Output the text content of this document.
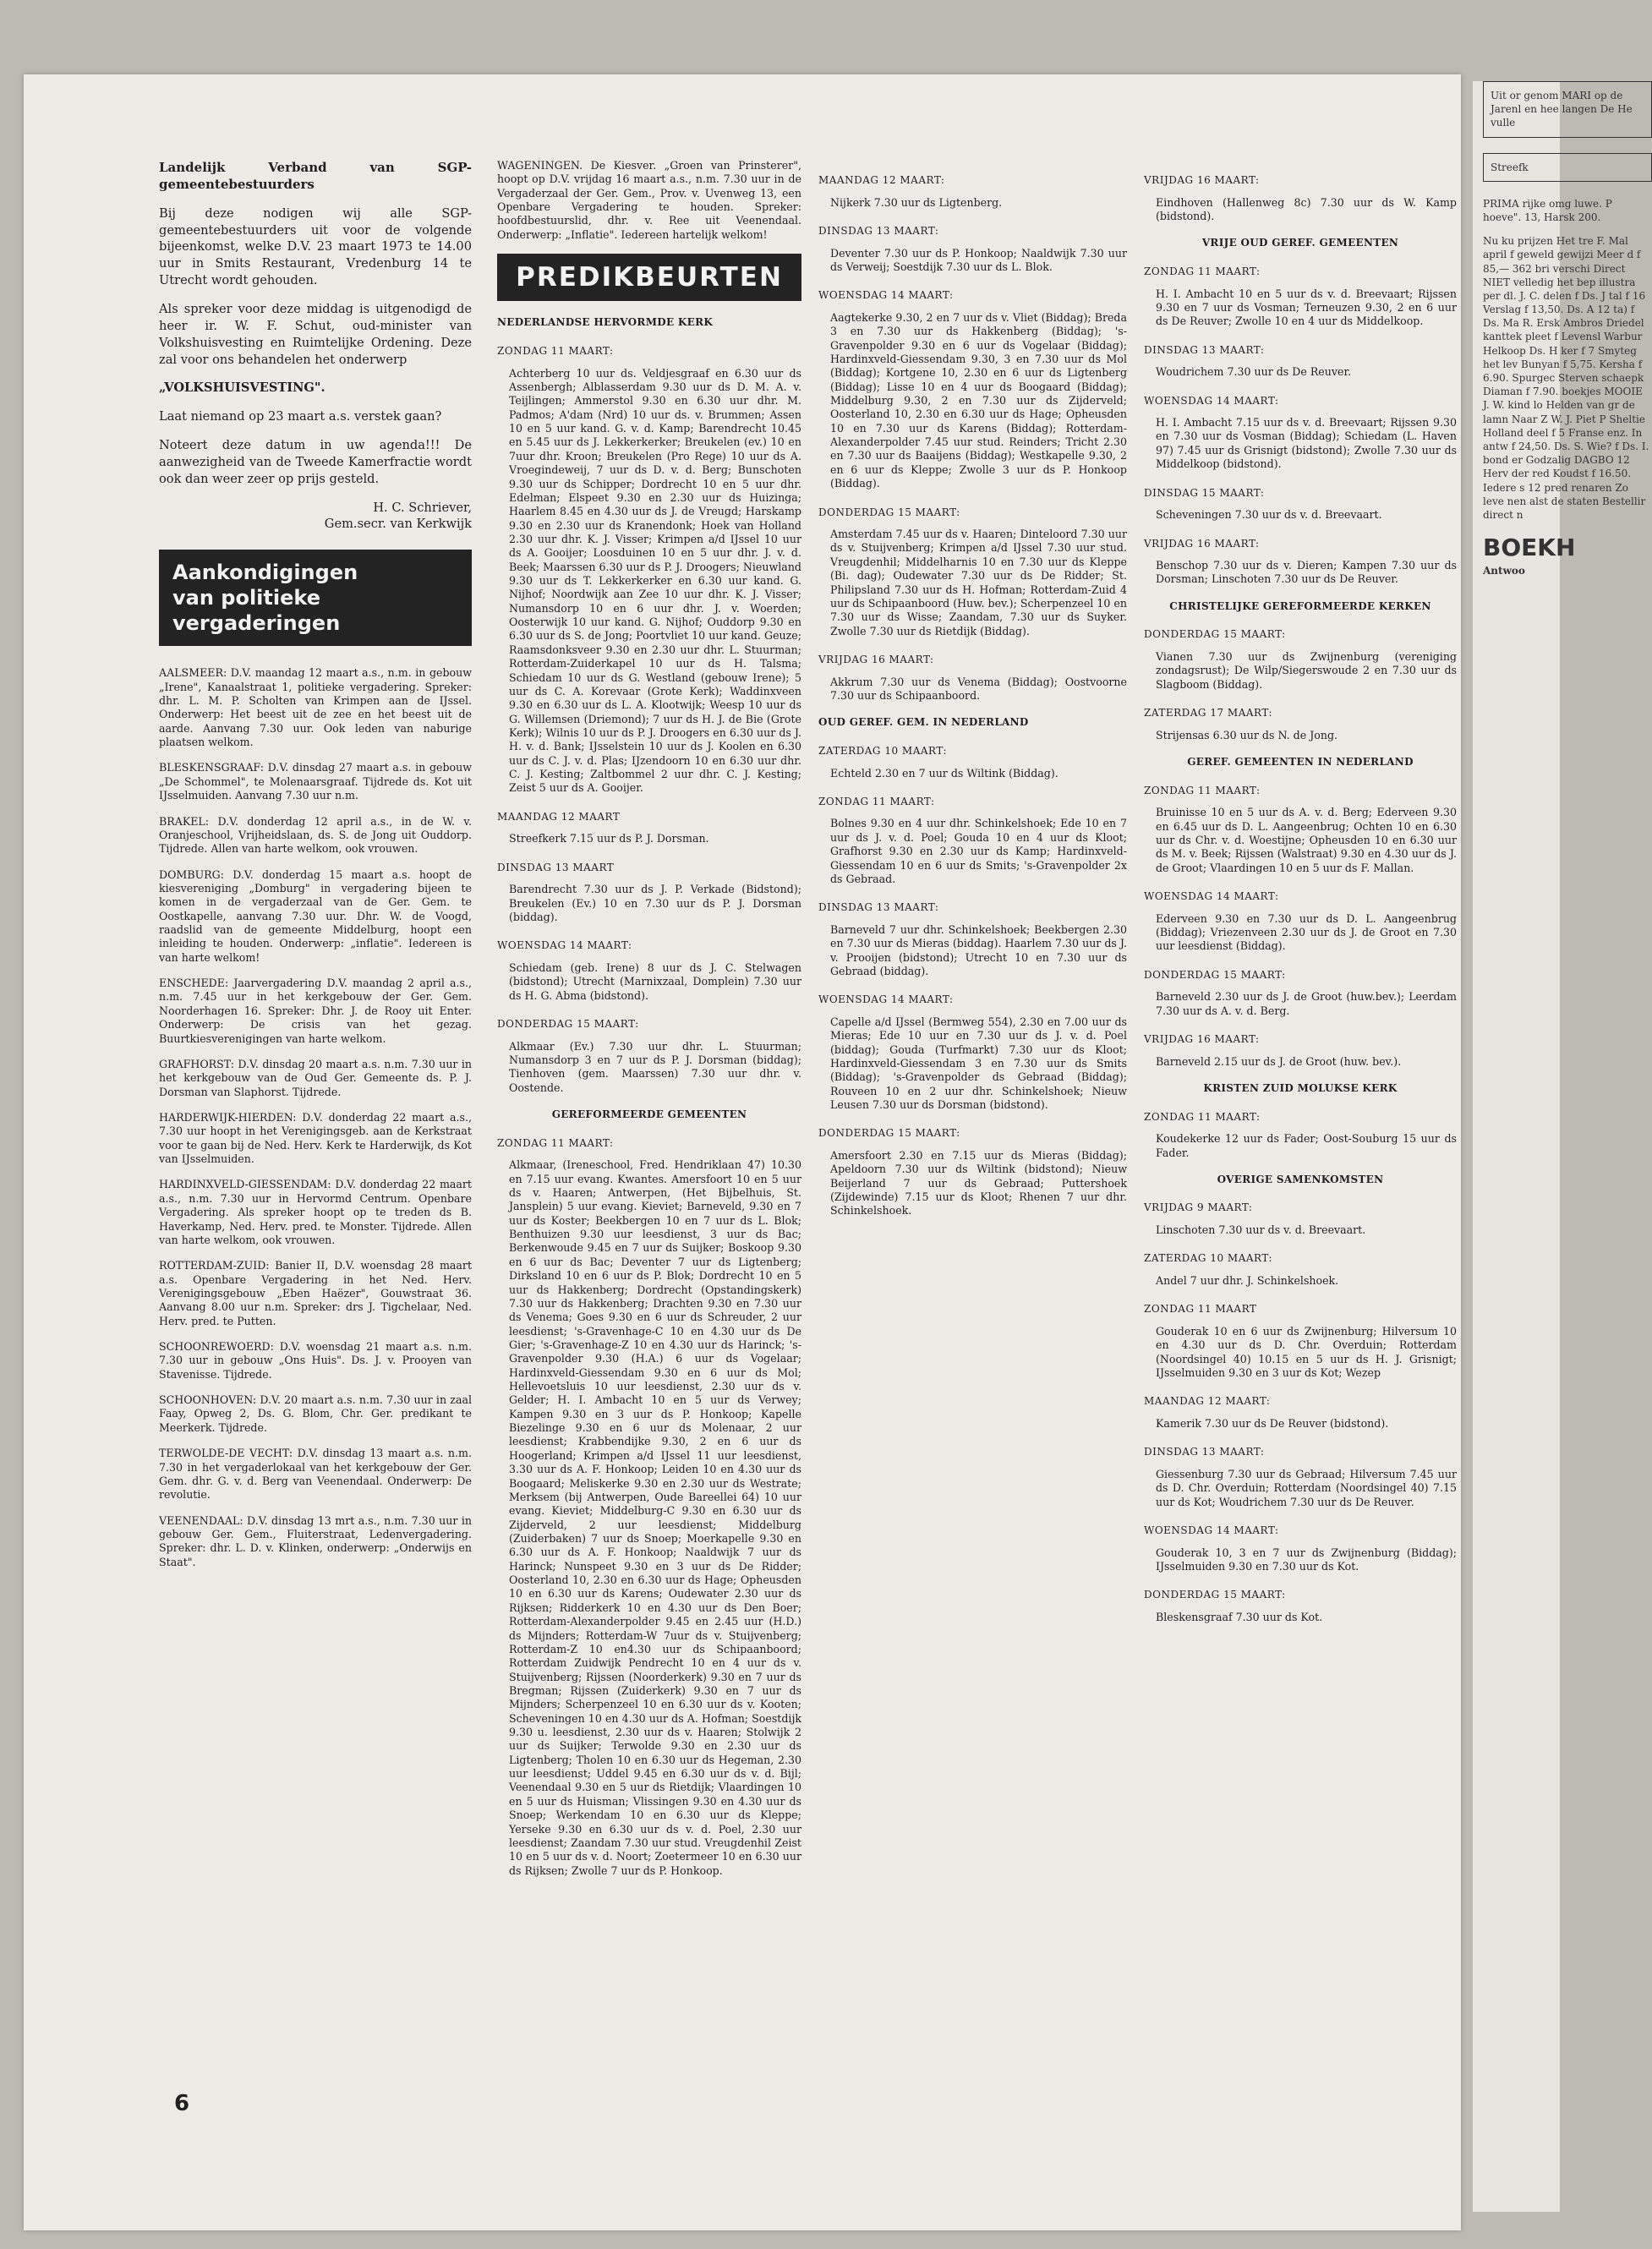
Landelijk Verband van SGP-gemeentebestuurders

Bij deze nodigen wij alle SGP-gemeentebestuurders uit voor de volgende bijeenkomst, welke D.V. 23 maart 1973 te 14.00 uur in Smits Restaurant, Vredenburg 14 te Utrecht wordt gehouden.

Als spreker voor deze middag is uitgenodigd de heer ir. W. F. Schut, oud-minister van Volkshuisvesting en Ruimtelijke Ordening. Deze zal voor ons behandelen het onderwerp

„VOLKSHUISVESTING".

Laat niemand op 23 maart a.s. verstek gaan?

Noteert deze datum in uw agenda!!! De aanwezigheid van de Tweede Kamerfractie wordt ook dan weer zeer op prijs gesteld.

H. C. Schriever,
Gem.secr. van Kerkwijk
Aankondigingen
van politieke vergaderingen

AALSMEER: D.V. maandag 12 maart a.s., n.m. in gebouw „Irene", Kanaalstraat 1, politieke vergadering. Spreker: dhr. L. M. P. Scholten van Krimpen aan de IJssel. Onderwerp: Het beest uit de zee en het beest uit de aarde. Aanvang 7.30 uur. Ook leden van naburige plaatsen welkom.

BLESKENSGRAAF: D.V. dinsdag 27 maart a.s. in gebouw „De Schommel", te Molenaarsgraaf. Tijdrede ds. Kot uit IJsselmuiden. Aanvang 7.30 uur n.m.

BRAKEL: D.V. donderdag 12 april a.s., in de W. v. Oranjeschool, Vrijheidslaan, ds. S. de Jong uit Ouddorp. Tijdrede. Allen van harte welkom, ook vrouwen.

DOMBURG: D.V. donderdag 15 maart a.s. hoopt de kiesvereniging „Domburg" in vergadering bijeen te komen in de vergaderzaal van de Ger. Gem. te Oostkapelle, aanvang 7.30 uur. Dhr. W. de Voogd, raadslid van de gemeente Middelburg, hoopt een inleiding te houden. Onderwerp: „inflatie". Iedereen is van harte welkom!

ENSCHEDE: Jaarvergadering D.V. maandag 2 april a.s., n.m. 7.45 uur in het kerkgebouw der Ger. Gem. Noorderhagen 16. Spreker: Dhr. J. de Rooy uit Enter. Onderwerp: De crisis van het gezag. Buurtkiesverenigingen van harte welkom.

GRAFHORST: D.V. dinsdag 20 maart a.s. n.m. 7.30 uur in het kerkgebouw van de Oud Ger. Gemeente ds. P. J. Dorsman van Slaphorst. Tijdrede.

HARDERWIJK-HIERDEN: D.V. donderdag 22 maart a.s., 7.30 uur hoopt in het Verenigingsgeb. aan de Kerkstraat voor te gaan bij de Ned. Herv. Kerk te Harderwijk, ds Kot van IJsselmuiden.

HARDINXVELD-GIESSENDAM: D.V. donderdag 22 maart a.s., n.m. 7.30 uur in Hervormd Centrum. Openbare Vergadering. Als spreker hoopt op te treden ds B. Haverkamp, Ned. Herv. pred. te Monster. Tijdrede. Allen van harte welkom, ook vrouwen.

ROTTERDAM-ZUID: Banier II, D.V. woensdag 28 maart a.s. Openbare Vergadering in het Ned. Herv. Verenigingsgebouw „Eben Haëzer", Gouwstraat 36. Aanvang 8.00 uur n.m. Spreker: drs J. Tigchelaar, Ned. Herv. pred. te Putten.

SCHOONREWOERD: D.V. woensdag 21 maart a.s. n.m. 7.30 uur in gebouw „Ons Huis". Ds. J. v. Prooyen van Stavenisse. Tijdrede.

SCHOONHOVEN: D.V. 20 maart a.s. n.m. 7.30 uur in zaal Faay, Opweg 2, Ds. G. Blom, Chr. Ger. predikant te Meerkerk. Tijdrede.

TERWOLDE-DE VECHT: D.V. dinsdag 13 maart a.s. n.m. 7.30 in het vergaderlokaal van het kerkgebouw der Ger. Gem. dhr. G. v. d. Berg van Veenendaal. Onderwerp: De revolutie.

VEENENDAAL: D.V. dinsdag 13 mrt a.s., n.m. 7.30 uur in gebouw Ger. Gem., Fluiterstraat, Ledenvergadering. Spreker: dhr. L. D. v. Klinken, onderwerp: „Onderwijs en Staat".

WAGENINGEN. De Kiesver. „Groen van Prinsterer", hoopt op D.V. vrijdag 16 maart a.s., n.m. 7.30 uur in de Vergaderzaal der Ger. Gem., Prov. v. Uvenweg 13, een Openbare Vergadering te houden. Spreker: hoofdbestuurslid, dhr. v. Ree uit Veenendaal. Onderwerp: „Inflatie". Iedereen hartelijk welkom!

PREDIKBEURTEN
NEDERLANDSE HERVORMDE KERK
ZONDAG 11 MAART:

Achterberg 10 uur ds. Veldjesgraaf en 6.30 uur ds Assenbergh; Alblasserdam 9.30 uur ds D. M. A. v. Teijlingen; Ammerstol 9.30 en 6.30 uur dhr. M. Padmos; A'dam (Nrd) 10 uur ds. v. Brummen; Assen 10 en 5 uur kand. G. v. d. Kamp; Barendrecht 10.45 en 5.45 uur ds J. Lekkerkerker; Breukelen (ev.) 10 en 7uur dhr. Kroon; Breukelen (Pro Rege) 10 uur ds A. Vroegindeweij, 7 uur ds D. v. d. Berg; Bunschoten 9.30 uur ds Schipper; Dordrecht 10 en 5 uur dhr. Edelman; Elspeet 9.30 en 2.30 uur ds Huizinga; Haarlem 8.45 en 4.30 uur ds J. de Vreugd; Harskamp 9.30 en 2.30 uur ds Kranendonk; Hoek van Holland 2.30 uur dhr. K. J. Visser; Krimpen a/d IJssel 10 uur ds A. Gooijer; Loosduinen 10 en 5 uur dhr. J. v. d. Beek; Maarssen 6.30 uur ds P. J. Droogers; Nieuwland 9.30 uur ds T. Lekkerkerker en 6.30 uur kand. G. Nijhof; Noordwijk aan Zee 10 uur dhr. K. J. Visser; Numansdorp 10 en 6 uur dhr. J. v. Woerden; Oosterwijk 10 uur kand. G. Nijhof; Ouddorp 9.30 en 6.30 uur ds S. de Jong; Poortvliet 10 uur kand. Geuze; Raamsdonksveer 9.30 en 2.30 uur dhr. L. Stuurman; Rotterdam-Zuiderkapel 10 uur ds H. Talsma; Schiedam 10 uur ds G. Westland (gebouw Irene); 5 uur ds C. A. Korevaar (Grote Kerk); Waddinxveen 9.30 en 6.30 uur ds L. A. Klootwijk; Weesp 10 uur ds G. Willemsen (Driemond); 7 uur ds H. J. de Bie (Grote Kerk); Wilnis 10 uur ds P. J. Droogers en 6.30 uur ds J. H. v. d. Bank; IJsselstein 10 uur ds J. Koolen en 6.30 uur ds C. J. v. d. Plas; IJzendoorn 10 en 6.30 uur dhr. C. J. Kesting; Zaltbommel 2 uur dhr. C. J. Kesting; Zeist 5 uur ds A. Gooijer.

MAANDAG 12 MAART

Streefkerk 7.15 uur ds P. J. Dorsman.

DINSDAG 13 MAART

Barendrecht 7.30 uur ds J. P. Verkade (Bidstond); Breukelen (Ev.) 10 en 7.30 uur ds P. J. Dorsman (biddag).

WOENSDAG 14 MAART:

Schiedam (geb. Irene) 8 uur ds J. C. Stelwagen (bidstond); Utrecht (Marnixzaal, Domplein) 7.30 uur ds H. G. Abma (bidstond).

DONDERDAG 15 MAART:

Alkmaar (Ev.) 7.30 uur dhr. L. Stuurman; Numansdorp 3 en 7 uur ds P. J. Dorsman (biddag); Tienhoven (gem. Maarssen) 7.30 uur dhr. v. Oostende.

GEREFORMEERDE GEMEENTEN
ZONDAG 11 MAART:

Alkmaar, (Ireneschool, Fred. Hendriklaan 47) 10.30 en 7.15 uur evang. Kwantes. Amersfoort 10 en 5 uur ds v. Haaren; Antwerpen, (Het Bijbelhuis, St. Jansplein) 5 uur evang. Kieviet; Barneveld, 9.30 en 7 uur ds Koster; Beekbergen 10 en 7 uur ds L. Blok; Benthuizen 9.30 uur leesdienst, 3 uur ds Bac; Berkenwoude 9.45 en 7 uur ds Suijker; Boskoop 9.30 en 6 uur ds Bac; Deventer 7 uur ds Ligtenberg; Dirksland 10 en 6 uur ds P. Blok; Dordrecht 10 en 5 uur ds Hakkenberg; Dordrecht (Opstandingskerk) 7.30 uur ds Hakkenberg; Drachten 9.30 en 7.30 uur ds Venema; Goes 9.30 en 6 uur ds Schreuder, 2 uur leesdienst; 's-Gravenhage-C 10 en 4.30 uur ds De Gier; 's-Gravenhage-Z 10 en 4.30 uur ds Harinck; 's-Gravenpolder 9.30 (H.A.) 6 uur ds Vogelaar; Hardinxveld-Giessendam 9.30 en 6 uur ds Mol; Hellevoetsluis 10 uur leesdienst, 2.30 uur ds v. Gelder; H. I. Ambacht 10 en 5 uur ds Verwey; Kampen 9.30 en 3 uur ds P. Honkoop; Kapelle Biezelinge 9.30 en 6 uur ds Molenaar, 2 uur leesdienst; Krabbendijke 9.30, 2 en 6 uur ds Hoogerland; Krimpen a/d IJssel 11 uur leesdienst, 3.30 uur ds A. F. Honkoop; Leiden 10 en 4.30 uur ds Boogaard; Meliskerke 9.30 en 2.30 uur ds Westrate; Merksem (bij Antwerpen, Oude Bareellei 64) 10 uur evang. Kieviet; Middelburg-C 9.30 en 6.30 uur ds Zijderveld, 2 uur leesdienst; Middelburg (Zuiderbaken) 7 uur ds Snoep; Moerkapelle 9.30 en 6.30 uur ds A. F. Honkoop; Naaldwijk 7 uur ds Harinck; Nunspeet 9.30 en 3 uur ds De Ridder; Oosterland 10, 2.30 en 6.30 uur ds Hage; Opheusden 10 en 6.30 uur ds Karens; Oudewater 2.30 uur ds Rijksen; Ridderkerk 10 en 4.30 uur ds Den Boer; Rotterdam-Alexanderpolder 9.45 en 2.45 uur (H.D.) ds Mijnders; Rotterdam-W 7uur ds v. Stuijvenberg; Rotterdam-Z 10 en4.30 uur ds Schipaanboord; Rotterdam Zuidwijk Pendrecht 10 en 4 uur ds v. Stuijvenberg; Rijssen (Noorderkerk) 9.30 en 7 uur ds Bregman; Rijssen (Zuiderkerk) 9.30 en 7 uur ds Mijnders; Scherpenzeel 10 en 6.30 uur ds v. Kooten; Scheveningen 10 en 4.30 uur ds A. Hofman; Soestdijk 9.30 u. leesdienst, 2.30 uur ds v. Haaren; Stolwijk 2 uur ds Suijker; Terwolde 9.30 en 2.30 uur ds Ligtenberg; Tholen 10 en 6.30 uur ds Hegeman, 2.30 uur leesdienst; Uddel 9.45 en 6.30 uur ds v. d. Bijl; Veenendaal 9.30 en 5 uur ds Rietdijk; Vlaardingen 10 en 5 uur ds Huisman; Vlissingen 9.30 en 4.30 uur ds Snoep; Werkendam 10 en 6.30 uur ds Kleppe; Yerseke 9.30 en 6.30 uur ds v. d. Poel, 2.30 uur leesdienst; Zaandam 7.30 uur stud. Vreugdenhil Zeist 10 en 5 uur ds v. d. Noort; Zoetermeer 10 en 6.30 uur ds Rijksen; Zwolle 7 uur ds P. Honkoop.

MAANDAG 12 MAART:

Nijkerk 7.30 uur ds Ligtenberg.

DINSDAG 13 MAART:

Deventer 7.30 uur ds P. Honkoop; Naaldwijk 7.30 uur ds Verweij; Soestdijk 7.30 uur ds L. Blok.

WOENSDAG 14 MAART:

Aagtekerke 9.30, 2 en 7 uur ds v. Vliet (Biddag); Breda 3 en 7.30 uur ds Hakkenberg (Biddag); 's-Gravenpolder 9.30 en 6 uur ds Vogelaar (Biddag); Hardinxveld-Giessendam 9.30, 3 en 7.30 uur ds Mol (Biddag); Kortgene 10, 2.30 en 6 uur ds Ligtenberg (Biddag); Lisse 10 en 4 uur ds Boogaard (Biddag); Middelburg 9.30, 2 en 7.30 uur ds Zijderveld; Oosterland 10, 2.30 en 6.30 uur ds Hage; Opheusden 10 en 7.30 uur ds Karens (Biddag); Rotterdam-Alexanderpolder 7.45 uur stud. Reinders; Tricht 2.30 en 7.30 uur ds Baaijens (Biddag); Westkapelle 9.30, 2 en 6 uur ds Kleppe; Zwolle 3 uur ds P. Honkoop (Biddag).

DONDERDAG 15 MAART:

Amsterdam 7.45 uur ds v. Haaren; Dinteloord 7.30 uur ds v. Stuijvenberg; Krimpen a/d IJssel 7.30 uur stud. Vreugdenhil; Middelharnis 10 en 7.30 uur ds Kleppe (Bi. dag); Oudewater 7.30 uur ds De Ridder; St. Philipsland 7.30 uur ds H. Hofman; Rotterdam-Zuid 4 uur ds Schipaanboord (Huw. bev.); Scherpenzeel 10 en 7.30 uur ds Wisse; Zaandam, 7.30 uur ds Suyker. Zwolle 7.30 uur ds Rietdijk (Biddag).

VRIJDAG 16 MAART:

Akkrum 7.30 uur ds Venema (Biddag); Oostvoorne 7.30 uur ds Schipaanboord.

OUD GEREF. GEM. IN NEDERLAND
ZATERDAG 10 MAART:

Echteld 2.30 en 7 uur ds Wiltink (Biddag).

ZONDAG 11 MAART:

Bolnes 9.30 en 4 uur dhr. Schinkelshoek; Ede 10 en 7 uur ds J. v. d. Poel; Gouda 10 en 4 uur ds Kloot; Grafhorst 9.30 en 2.30 uur ds Kamp; Hardinxveld-Giessendam 10 en 6 uur ds Smits; 's-Gravenpolder 2x ds Gebraad.

DINSDAG 13 MAART:

Barneveld 7 uur dhr. Schinkelshoek; Beekbergen 2.30 en 7.30 uur ds Mieras (biddag). Haarlem 7.30 uur ds J. v. Prooijen (bidstond); Utrecht 10 en 7.30 uur ds Gebraad (biddag).

WOENSDAG 14 MAART:

Capelle a/d IJssel (Bermweg 554), 2.30 en 7.00 uur ds Mieras; Ede 10 uur en 7.30 uur ds J. v. d. Poel (biddag); Gouda (Turfmarkt) 7.30 uur ds Kloot; Hardinxveld-Giessendam 3 en 7.30 uur ds Smits (Biddag); 's-Gravenpolder ds Gebraad (Biddag); Rouveen 10 en 2 uur dhr. Schinkelshoek; Nieuw Leusen 7.30 uur ds Dorsman (bidstond).

DONDERDAG 15 MAART:

Amersfoort 2.30 en 7.15 uur ds Mieras (Biddag); Apeldoorn 7.30 uur ds Wiltink (bidstond); Nieuw Beijerland 7 uur ds Gebraad; Puttershoek (Zijdewinde) 7.15 uur ds Kloot; Rhenen 7 uur dhr. Schinkelshoek.

VRIJDAG 16 MAART:

Eindhoven (Hallenweg 8c) 7.30 uur ds W. Kamp (bidstond).

VRIJE OUD GEREF. GEMEENTEN
ZONDAG 11 MAART:

H. I. Ambacht 10 en 5 uur ds v. d. Breevaart; Rijssen 9.30 en 7 uur ds Vosman; Terneuzen 9.30, 2 en 6 uur ds De Reuver; Zwolle 10 en 4 uur ds Middelkoop.

DINSDAG 13 MAART:

Woudrichem 7.30 uur ds De Reuver.

WOENSDAG 14 MAART:

H. I. Ambacht 7.15 uur ds v. d. Breevaart; Rijssen 9.30 en 7.30 uur ds Vosman (Biddag); Schiedam (L. Haven 97) 7.45 uur ds Grisnigt (bidstond); Zwolle 7.30 uur ds Middelkoop (bidstond).

DINSDAG 15 MAART:

Scheveningen 7.30 uur ds v. d. Breevaart.

VRIJDAG 16 MAART:

Benschop 7.30 uur ds v. Dieren; Kampen 7.30 uur ds Dorsman; Linschoten 7.30 uur ds De Reuver.

CHRISTELIJKE GEREFORMEERDE KERKEN
DONDERDAG 15 MAART:

Vianen 7.30 uur ds Zwijnenburg (vereniging zondagsrust); De Wilp/Siegerswoude 2 en 7.30 uur ds Slagboom (Biddag).

ZATERDAG 17 MAART:

Strijensas 6.30 uur ds N. de Jong.

GEREF. GEMEENTEN IN NEDERLAND
ZONDAG 11 MAART:

Bruinisse 10 en 5 uur ds A. v. d. Berg; Ederveen 9.30 en 6.45 uur ds D. L. Aangeenbrug; Ochten 10 en 6.30 uur ds Chr. v. d. Woestijne; Opheusden 10 en 6.30 uur ds M. v. Beek; Rijssen (Walstraat) 9.30 en 4.30 uur ds J. de Groot; Vlaardingen 10 en 5 uur ds F. Mallan.

WOENSDAG 14 MAART:

Ederveen 9.30 en 7.30 uur ds D. L. Aangeenbrug (Biddag); Vriezenveen 2.30 uur ds J. de Groot en 7.30 uur leesdienst (Biddag).

DONDERDAG 15 MAART:

Barneveld 2.30 uur ds J. de Groot (huw.bev.); Leerdam 7.30 uur ds A. v. d. Berg.

VRIJDAG 16 MAART:

Barneveld 2.15 uur ds J. de Groot (huw. bev.).

KRISTEN ZUID MOLUKSE KERK
ZONDAG 11 MAART:

Koudekerke 12 uur ds Fader; Oost-Souburg 15 uur ds Fader.

OVERIGE SAMENKOMSTEN
VRIJDAG 9 MAART:

Linschoten 7.30 uur ds v. d. Breevaart.

ZATERDAG 10 MAART:

Andel 7 uur dhr. J. Schinkelshoek.

ZONDAG 11 MAART

Gouderak 10 en 6 uur ds Zwijnenburg; Hilversum 10 en 4.30 uur ds D. Chr. Overduin; Rotterdam (Noordsingel 40) 10.15 en 5 uur ds H. J. Grisnigt; IJsselmuiden 9.30 en 3 uur ds Kot; Wezep

MAANDAG 12 MAART:

Kamerik 7.30 uur ds De Reuver (bidstond).

DINSDAG 13 MAART:

Giessenburg 7.30 uur ds Gebraad; Hilversum 7.45 uur ds D. Chr. Overduin; Rotterdam (Noordsingel 40) 7.15 uur ds Kot; Woudrichem 7.30 uur ds De Reuver.

WOENSDAG 14 MAART:

Gouderak 10, 3 en 7 uur ds Zwijnenburg (Biddag); IJsselmuiden 9.30 en 7.30 uur ds Kot.

DONDERDAG 15 MAART:

Bleskensgraaf 7.30 uur ds Kot.

6
Uit or genom MARI op de Jarenl en hee langen De He vulle
Streefk

PRIMA rijke omg luwe. P hoeve". 13, Harsk 200.

Nu ku prijzen Het tre F. Mal april f geweld gewijzi Meer d f 85,— 362 bri verschi Direct NIET velledig het bep illustra per dl. J. C. delen f Ds. J tal f 16 Verslag f 13,50. Ds. A 12 ta) f Ds. Ma R. Ersk Ambros Driedel kanttek pleet f Levensl Warbur Helkoop Ds. H ker f 7 Smyteg het lev Bunyan f 5,75. Kersha f 6.90. Spurgec Sterven schaepk Diaman f 7.90. boekjes MOOIE J. W. kind lo Helden van gr de lamn Naar Z W. J. Piet P Sheltie Holland deel f 5 Franse enz. In antw f 24,50. Ds. S. Wie? f Ds. I. bond er Godzalig DAGBO 12 Herv der red Koudst f 16.50. Iedere s 12 pred renaren Zo leve nen alst de staten Bestellir direct n

BOEKH
Antwoo
